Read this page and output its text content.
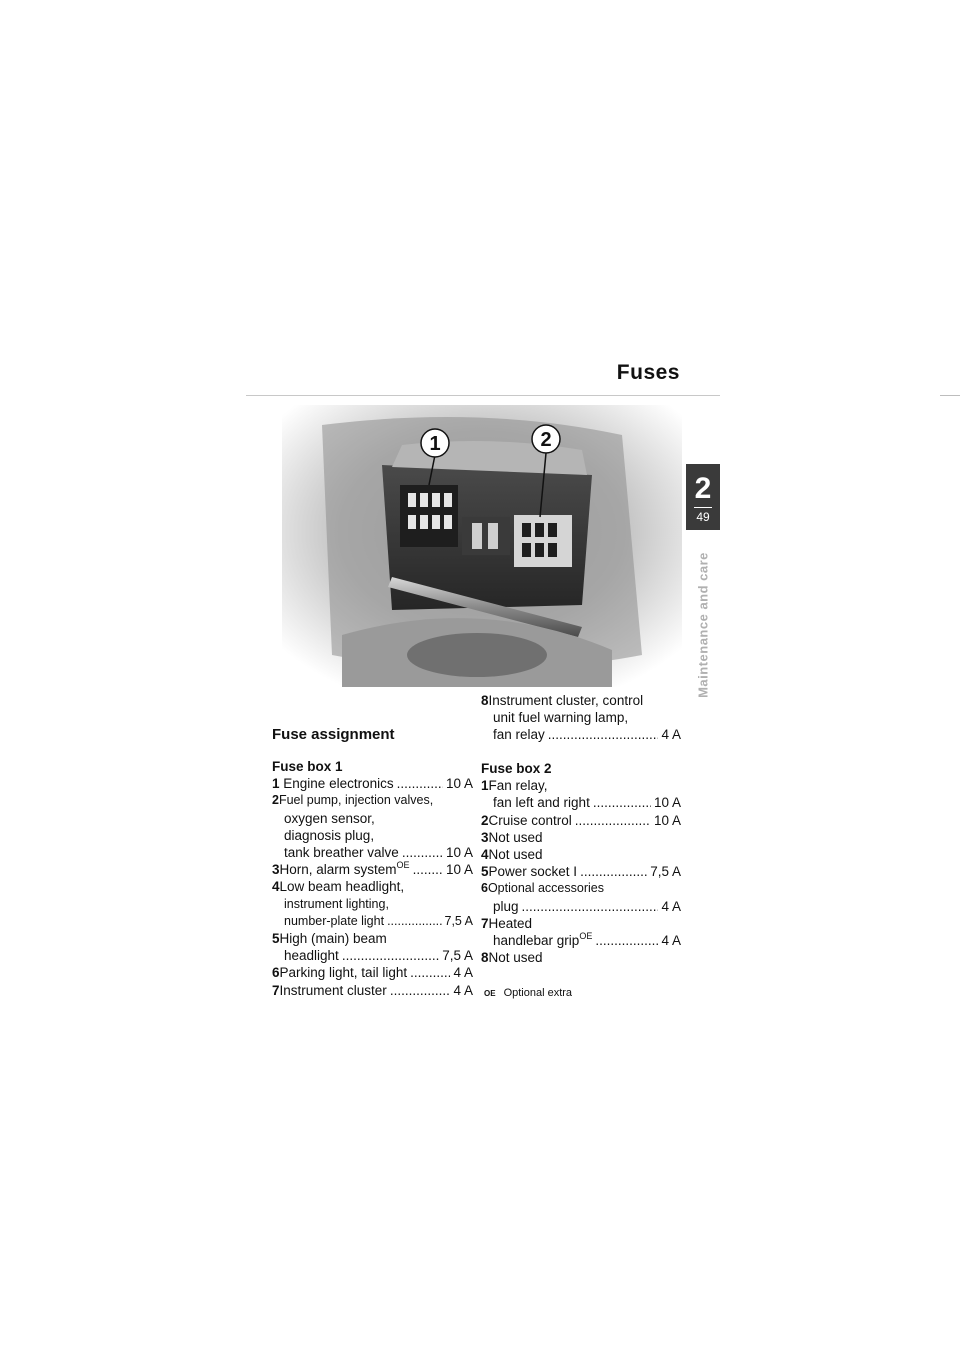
Fuses
2
49
Maintenance and care
1	2
Fuse assignment
Fuse box 1
1 Engine electronics .....	10 A
2Fuel pump, injection valves,
oxygen sensor,
diagnosis plug,
tank breather valve .....	10 A
3Horn, alarm system$^{OE}$ .....	10 A
4Low beam headlight,
instrument lighting,
number-plate light .....	7,5 A
5High (main) beam
headlight .....	7,5 A
6Parking light, tail light .....	4 A
7Instrument cluster .....	4 A
8Instrument cluster, control
unit fuel warning lamp,
fan relay .....	4 A
Fuse box 2
1Fan relay,
fan left and right .....	10 A
2Cruise control .....	10 A
3Not used
4Not used
5Power socket I .....	7,5 A
6Optional accessories
plug .....	4 A
7Heated
handlebar grip$^{OE}$ .....	4 A
8Not used
OE Optional extra
